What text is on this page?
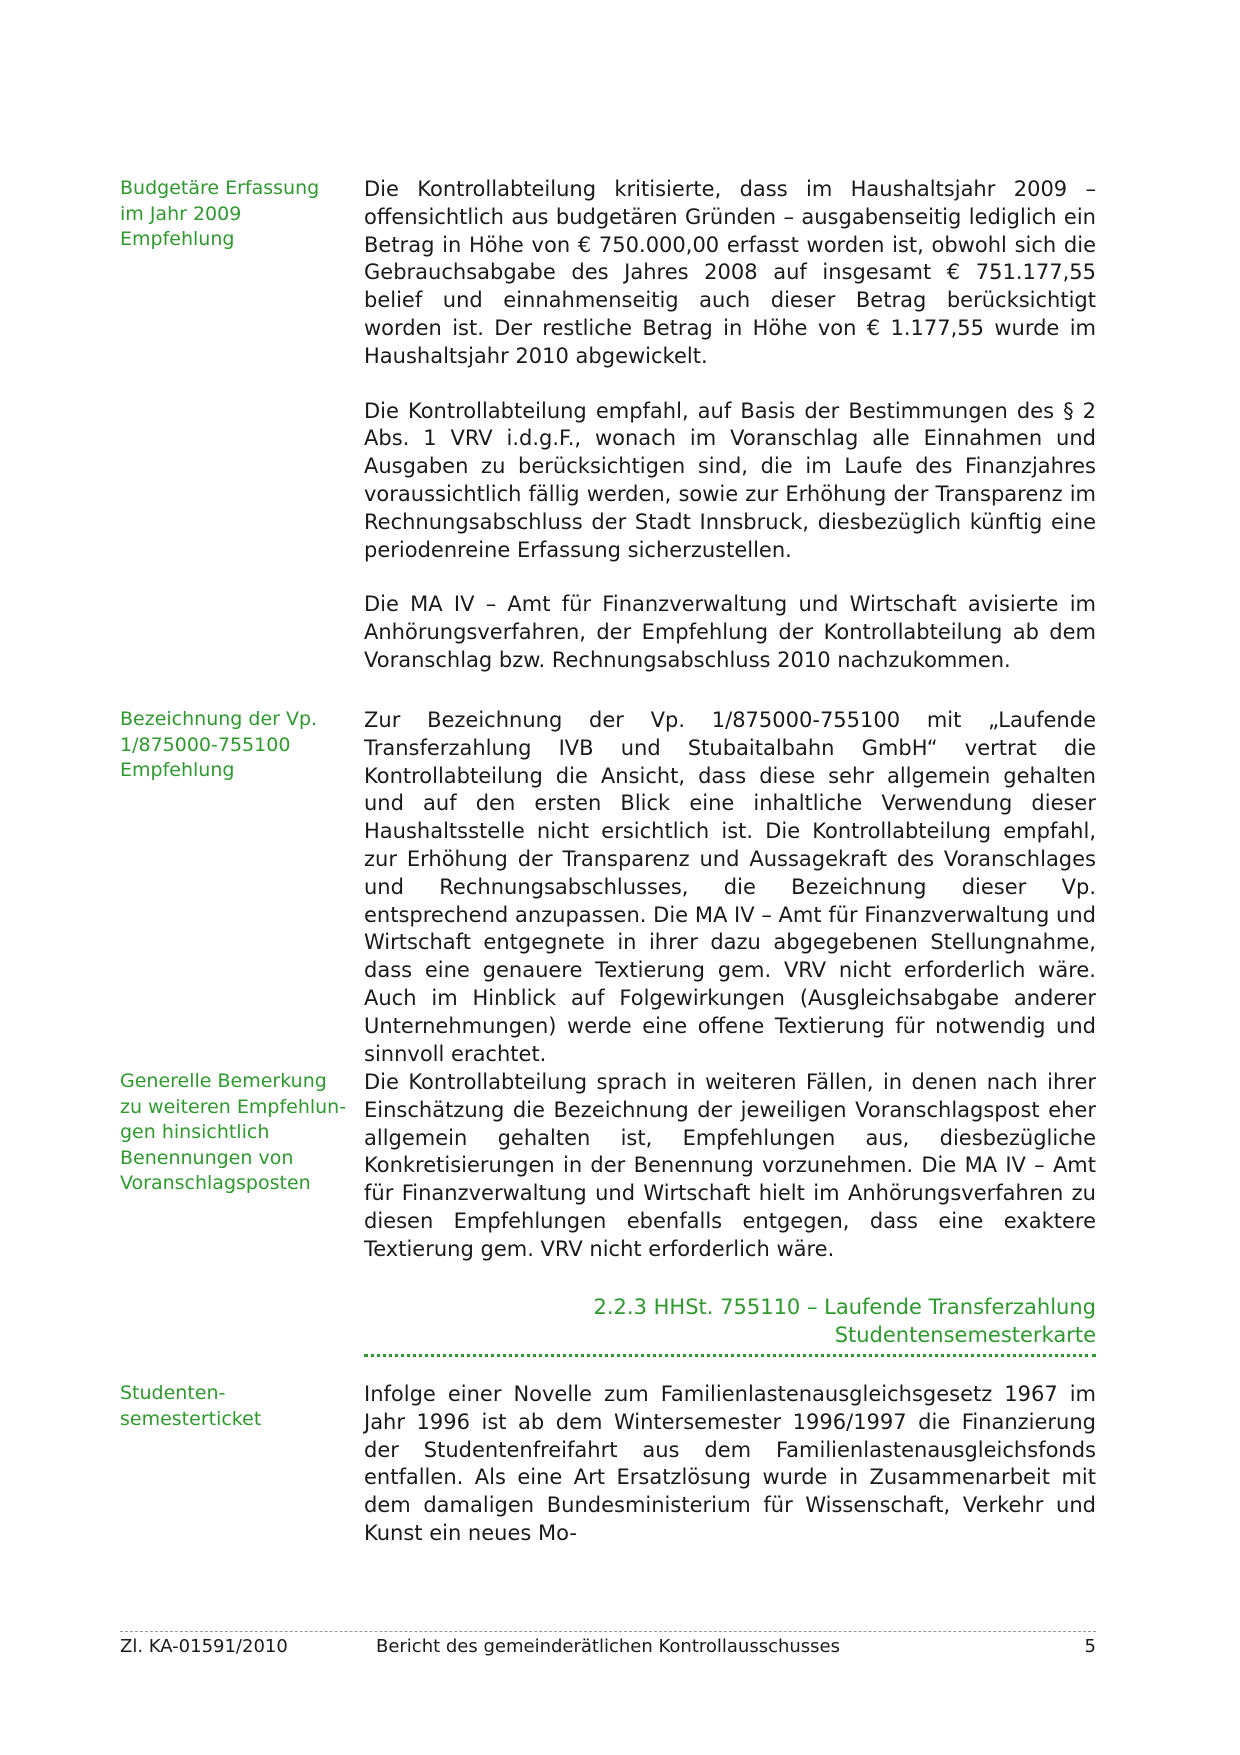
Budgetäre Erfassung
im Jahr 2009
Empfehlung

Die Kontrollabteilung kritisierte, dass im Haushaltsjahr 2009 – offensichtlich aus budgetären Gründen – ausgabenseitig lediglich ein Betrag in Höhe von € 750.000,00 erfasst worden ist, obwohl sich die Gebrauchsabgabe des Jahres 2008 auf insgesamt € 751.177,55 belief und einnahmenseitig auch dieser Betrag berücksichtigt worden ist. Der restliche Betrag in Höhe von € 1.177,55 wurde im Haushaltsjahr 2010 abgewickelt.

Die Kontrollabteilung empfahl, auf Basis der Bestimmungen des § 2 Abs. 1 VRV i.d.g.F., wonach im Voranschlag alle Einnahmen und Ausgaben zu berücksichtigen sind, die im Laufe des Finanzjahres voraussichtlich fällig werden, sowie zur Erhöhung der Transparenz im Rechnungsabschluss der Stadt Innsbruck, diesbezüglich künftig eine periodenreine Erfassung sicherzustellen.

Die MA IV – Amt für Finanzverwaltung und Wirtschaft avisierte im Anhörungsverfahren, der Empfehlung der Kontrollabteilung ab dem Voranschlag bzw. Rechnungsabschluss 2010 nachzukommen.

Bezeichnung der Vp.
1/875000-755100
Empfehlung

Zur Bezeichnung der Vp. 1/875000-755100 mit „Laufende Transferzahlung IVB und Stubaitalbahn GmbH“ vertrat die Kontrollabteilung die Ansicht, dass diese sehr allgemein gehalten und auf den ersten Blick eine inhaltliche Verwendung dieser Haushaltsstelle nicht ersichtlich ist. Die Kontrollabteilung empfahl, zur Erhöhung der Transparenz und Aussagekraft des Voranschlages und Rechnungsabschlusses, die Bezeichnung dieser Vp. entsprechend anzupassen. Die MA IV – Amt für Finanzverwaltung und Wirtschaft entgegnete in ihrer dazu abgegebenen Stellungnahme, dass eine genauere Textierung gem. VRV nicht erforderlich wäre. Auch im Hinblick auf Folgewirkungen (Ausgleichsabgabe anderer Unternehmungen) werde eine offene Textierung für notwendig und sinnvoll erachtet.

Generelle Bemerkung
zu weiteren Empfehlun-
gen hinsichtlich
Benennungen von
Voranschlagsposten

Die Kontrollabteilung sprach in weiteren Fällen, in denen nach ihrer Einschätzung die Bezeichnung der jeweiligen Voranschlagspost eher allgemein gehalten ist, Empfehlungen aus, diesbezügliche Konkretisierungen in der Benennung vorzunehmen. Die MA IV – Amt für Finanzverwaltung und Wirtschaft hielt im Anhörungsverfahren zu diesen Empfehlungen ebenfalls entgegen, dass eine exaktere Textierung gem. VRV nicht erforderlich wäre.

2.2.3 HHSt. 755110 – Laufende Transferzahlung
Studentensemesterkarte
Studenten-
semesterticket

Infolge einer Novelle zum Familienlastenausgleichsgesetz 1967 im Jahr 1996 ist ab dem Wintersemester 1996/1997 die Finanzierung der Studentenfreifahrt aus dem Familienlastenausgleichsfonds entfallen. Als eine Art Ersatzlösung wurde in Zusammenarbeit mit dem damaligen Bundesministerium für Wissenschaft, Verkehr und Kunst ein neues Mo-

Zl. KA-01591/2010	Bericht des gemeinderätlichen Kontrollausschusses	5
